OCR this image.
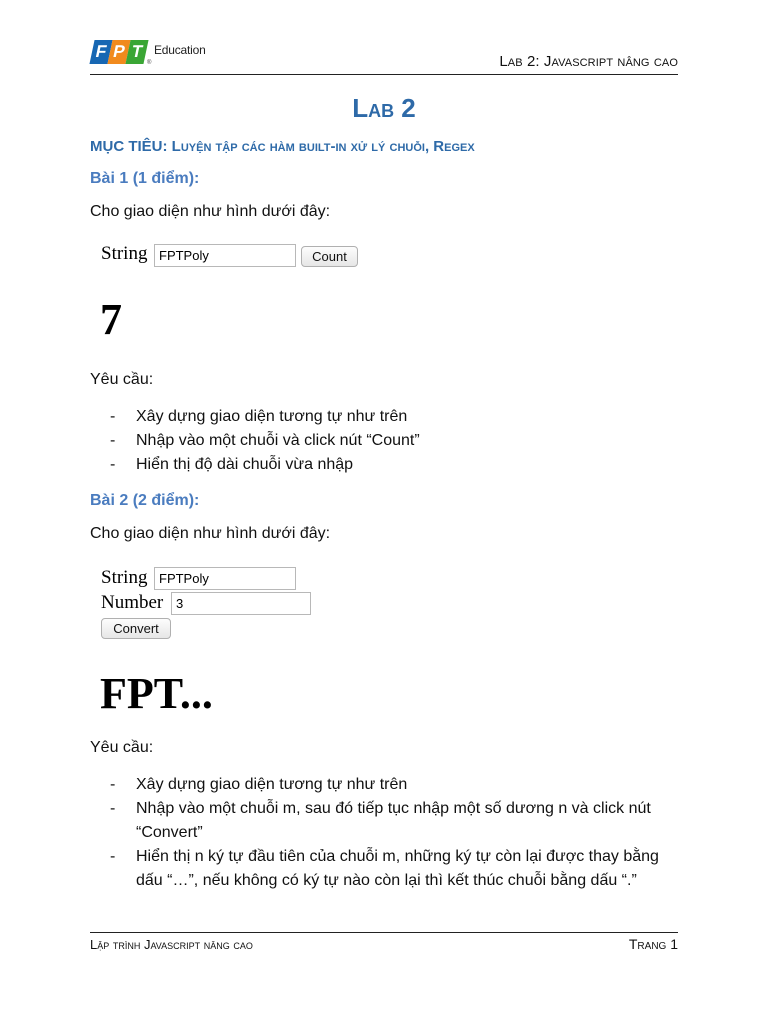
F P T
®
Education
Lab 2: Javascript nâng cao
Lab 2
MỤC TIÊU: Luyện tập các hàm built-in xử lý chuỗi, Regex
Bài 1 (1 điểm):
Cho giao diện như hình dưới đây:
String FPTPoly	Count
7
Yêu cầu:
- Xây dựng giao diện tương tự như trên
- Nhập vào một chuỗi và click nút “Count”
- Hiển thị độ dài chuỗi vừa nhập
Bài 2 (2 điểm):
Cho giao diện như hình dưới đây:
String FPTPoly
Number 3
Convert
FPT...
Yêu cầu:
- Xây dựng giao diện tương tự như trên
- Nhập vào một chuỗi m, sau đó tiếp tục nhập một số dương n và click nút “Convert”
- Hiển thị n ký tự đầu tiên của chuỗi m, những ký tự còn lại được thay bằng dấu “…”, nếu không có ký tự nào còn lại thì kết thúc chuỗi bằng dấu “.”
Lập trình Javascript nâng cao	Trang 1
